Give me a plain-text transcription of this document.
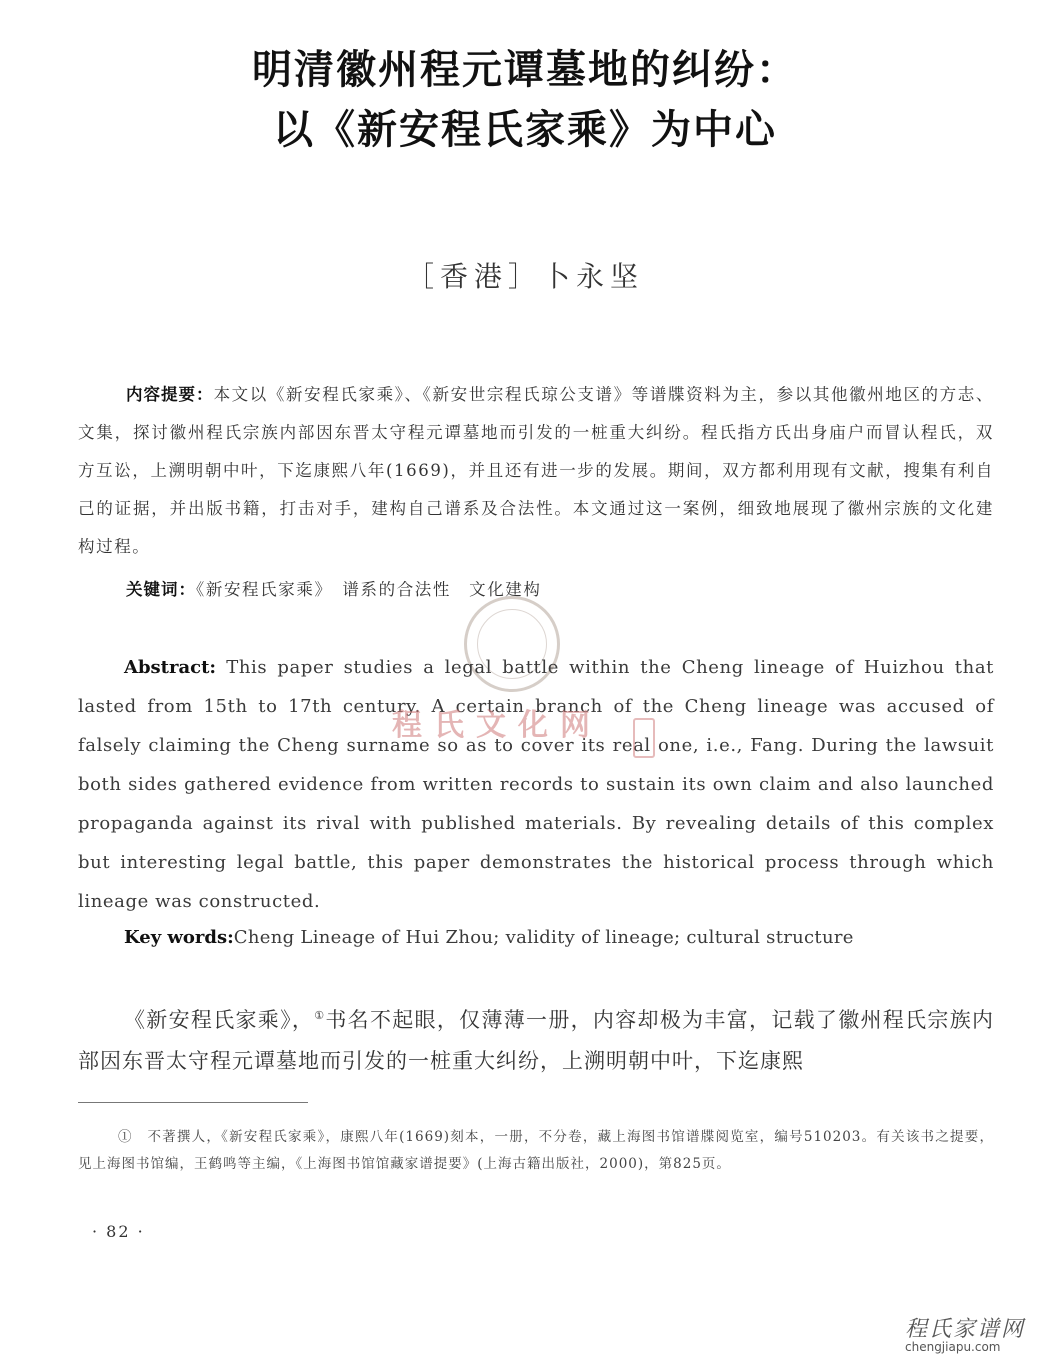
明清徽州程元谭墓地的纠纷：
以《新安程氏家乘》为中心
［香港］卜永坚

内容提要：本文以《新安程氏家乘》、《新安世宗程氏琼公支谱》等谱牒资料为主，参以其他徽州地区的方志、文集，探讨徽州程氏宗族内部因东晋太守程元谭墓地而引发的一桩重大纠纷。程氏指方氏出身庙户而冒认程氏，双方互讼，上溯明朝中叶，下迄康熙八年(1669)，并且还有进一步的发展。期间，双方都利用现有文献，搜集有利自己的证据，并出版书籍，打击对手，建构自己谱系及合法性。本文通过这一案例，细致地展现了徽州宗族的文化建构过程。

关键词：《新安程氏家乘》　谱系的合法性　文化建构

Abstract: This paper studies a legal battle within the Cheng lineage of Huizhou that lasted from 15th to 17th century. A certain branch of the Cheng lineage was accused of falsely claiming the Cheng surname so as to cover its real one, i.e., Fang. During the lawsuit both sides gathered evidence from written records to sustain its own claim and also launched propaganda against its rival with published materials. By revealing details of this complex but interesting legal battle, this paper demonstrates the historical process through which lineage was constructed.

程氏文化网

Key words:Cheng Lineage of Hui Zhou; validity of lineage; cultural structure

《新安程氏家乘》，①书名不起眼，仅薄薄一册，内容却极为丰富，记载了徽州程氏宗族内部因东晋太守程元谭墓地而引发的一桩重大纠纷，上溯明朝中叶，下迄康熙

①　不著撰人，《新安程氏家乘》，康熙八年(1669)刻本，一册，不分卷，藏上海图书馆谱牒阅览室，编号510203。有关该书之提要，见上海图书馆编，王鹤鸣等主编，《上海图书馆馆藏家谱提要》(上海古籍出版社，2000)，第825页。

· 82 ·
程氏家谱网
chengjiapu.com
